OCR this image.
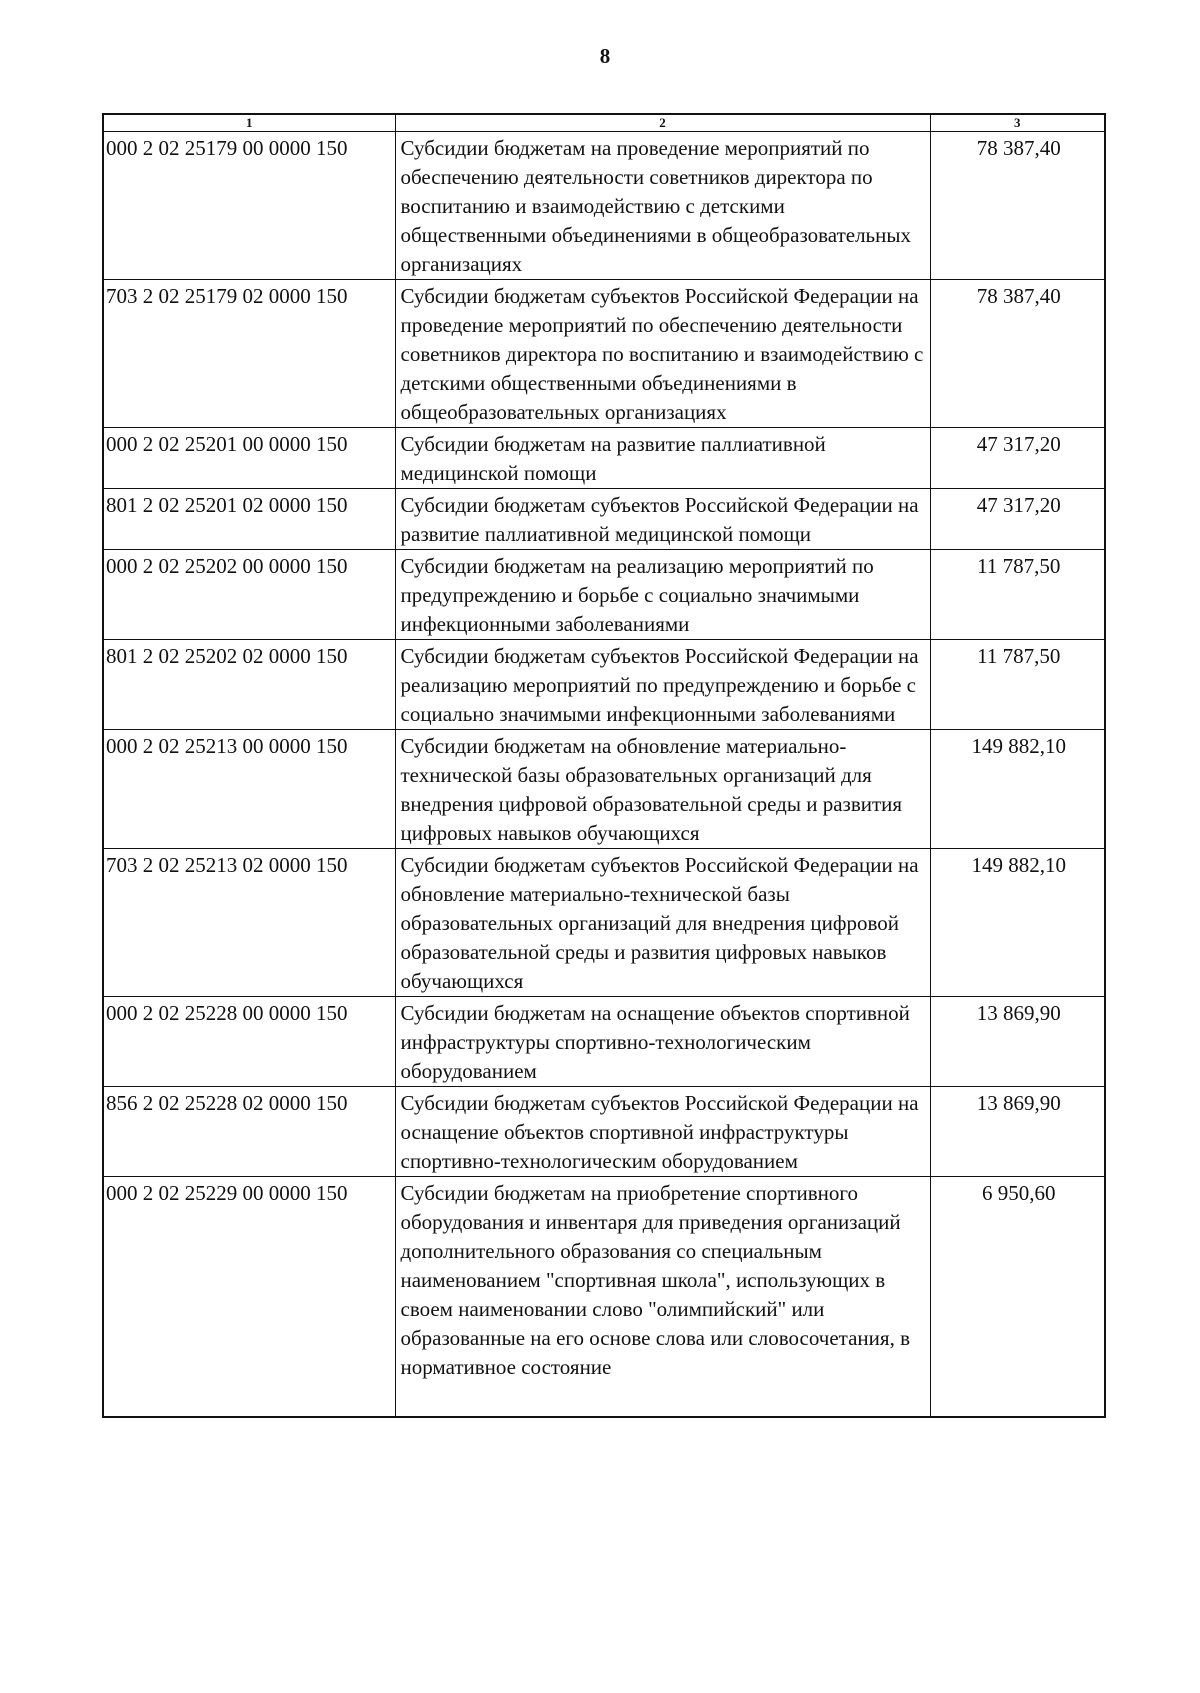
8
1	2	3
000 2 02 25179 00 0000 150	Субсидии бюджетам на проведение мероприятий по обеспечению деятельности советников директора по воспитанию и взаимодействию с детскими общественными объединениями в общеобразовательных организациях	78 387,40
703 2 02 25179 02 0000 150	Субсидии бюджетам субъектов Российской Федерации на проведение мероприятий по обеспечению деятельности советников директора по воспитанию и взаимодействию с детскими общественными объединениями в общеобразовательных организациях	78 387,40
000 2 02 25201 00 0000 150	Субсидии бюджетам на развитие паллиативной медицинской помощи	47 317,20
801 2 02 25201 02 0000 150	Субсидии бюджетам субъектов Российской Федерации на развитие паллиативной медицинской помощи	47 317,20
000 2 02 25202 00 0000 150	Субсидии бюджетам на реализацию мероприятий по предупреждению и борьбе с социально значимыми инфекционными заболеваниями	11 787,50
801 2 02 25202 02 0000 150	Субсидии бюджетам субъектов Российской Федерации на реализацию мероприятий по предупреждению и борьбе с социально значимыми инфекционными заболеваниями	11 787,50
000 2 02 25213 00 0000 150	Субсидии бюджетам на обновление материально-технической базы образовательных организаций для внедрения цифровой образовательной среды и развития цифровых навыков обучающихся	149 882,10
703 2 02 25213 02 0000 150	Субсидии бюджетам субъектов Российской Федерации на обновление материально-технической базы образовательных организаций для внедрения цифровой образовательной среды и развития цифровых навыков обучающихся	149 882,10
000 2 02 25228 00 0000 150	Субсидии бюджетам на оснащение объектов спортивной инфраструктуры спортивно-технологическим оборудованием	13 869,90
856 2 02 25228 02 0000 150	Субсидии бюджетам субъектов Российской Федерации на оснащение объектов спортивной инфраструктуры спортивно-технологическим оборудованием	13 869,90
000 2 02 25229 00 0000 150	Субсидии бюджетам на приобретение спортивного оборудования и инвентаря для приведения организаций дополнительного образования со специальным наименованием "спортивная школа", использующих в своем наименовании слово "олимпийский" или образованные на его основе слова или словосочетания, в нормативное состояние	6 950,60
